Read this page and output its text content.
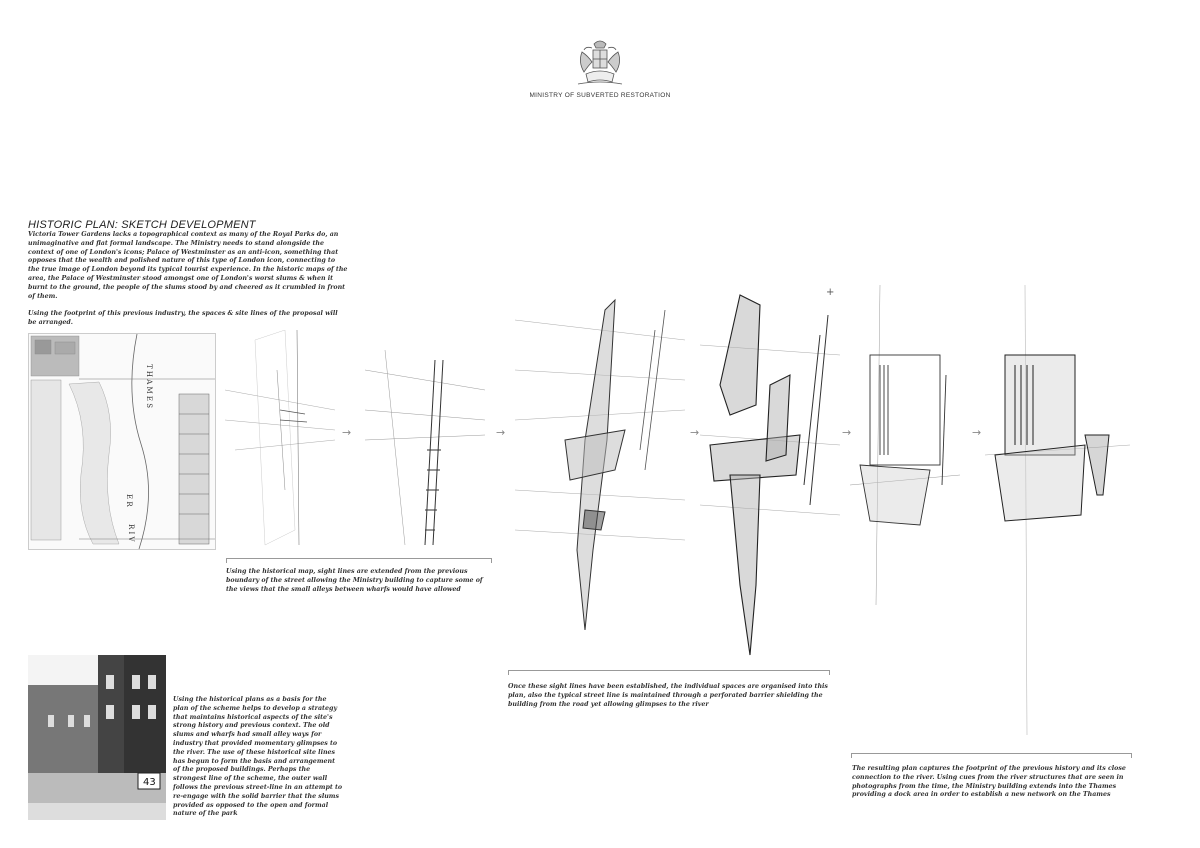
MINISTRY OF SUBVERTED RESTORATION
HISTORIC PLAN: SKETCH DEVELOPMENT
Victoria Tower Gardens lacks a topographical context as many of the Royal Parks do, an unimaginative and flat formal landscape. The Ministry needs to stand alongside the context of one of London's icons; Palace of Westminster as an anti-icon, something that opposes that the wealth and polished nature of this type of London icon, connecting to the true image of London beyond its typical tourist experience. In the historic maps of the area, the Palace of Westminster stood amongst one of London's worst slums & when it burnt to the ground, the people of the slums stood by and cheered as it crumbled in front of them.
Using the footprint of this previous industry, the spaces & site lines of the proposal will be arranged.
T H A M E S
E R
R I V
→	→	→
+
→	→
Using the historical map, sight lines are extended from the previous boundary of the street allowing the Ministry building to capture some of the views that the small alleys between wharfs would have allowed
Once these sight lines have been established, the individual spaces are organised into this plan, also the typical street line is maintained through a perforated barrier shielding the building from the road yet allowing glimpses to the river
The resulting plan captures the footprint of the previous history and its close connection to the river. Using cues from the river structures that are seen in photographs from the time, the Ministry building extends into the Thames providing a dock area in order to establish a new network on the Thames
Using the historical plans as a basis for the plan of the scheme helps to develop a strategy that maintains historical aspects of the site's strong history and previous context. The old slums and wharfs had small alley ways for industry that provided momentary glimpses to the river. The use of these historical site lines has begun to form the basis and arrangement of the proposed buildings. Perhaps the strongest line of the scheme, the outer wall follows the previous street-line in an attempt to re-engage with the solid barrier that the slums provided as opposed to the open and formal nature of the park
43
